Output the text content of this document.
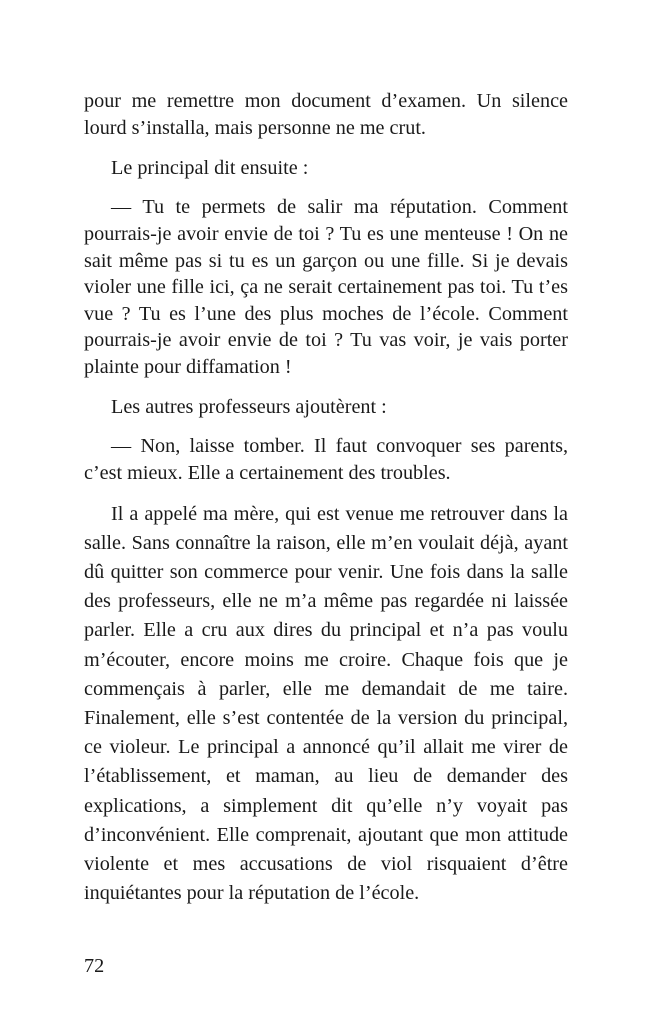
pour me remettre mon document d’examen. Un silence lourd s’installa, mais personne ne me crut.

Le principal dit ensuite :

— Tu te permets de salir ma réputation. Comment pourrais-je avoir envie de toi ? Tu es une menteuse ! On ne sait même pas si tu es un garçon ou une fille. Si je devais violer une fille ici, ça ne serait certainement pas toi. Tu t’es vue ? Tu es l’une des plus moches de l’école. Comment pourrais-je avoir envie de toi ? Tu vas voir, je vais porter plainte pour diffamation !

Les autres professeurs ajoutèrent :

— Non, laisse tomber. Il faut convoquer ses parents, c’est mieux. Elle a certainement des troubles.

Il a appelé ma mère, qui est venue me retrouver dans la salle. Sans connaître la raison, elle m’en voulait déjà, ayant dû quitter son commerce pour venir. Une fois dans la salle des professeurs, elle ne m’a même pas regardée ni laissée parler. Elle a cru aux dires du principal et n’a pas voulu m’écouter, encore moins me croire. Chaque fois que je commençais à parler, elle me demandait de me taire. Finalement, elle s’est contentée de la version du principal, ce violeur. Le principal a annoncé qu’il allait me virer de l’établissement, et maman, au lieu de demander des explications, a simplement dit qu’elle n’y voyait pas d’inconvénient. Elle comprenait, ajoutant que mon attitude violente et mes accusations de viol risquaient d’être inquiétantes pour la réputation de l’école.

72
